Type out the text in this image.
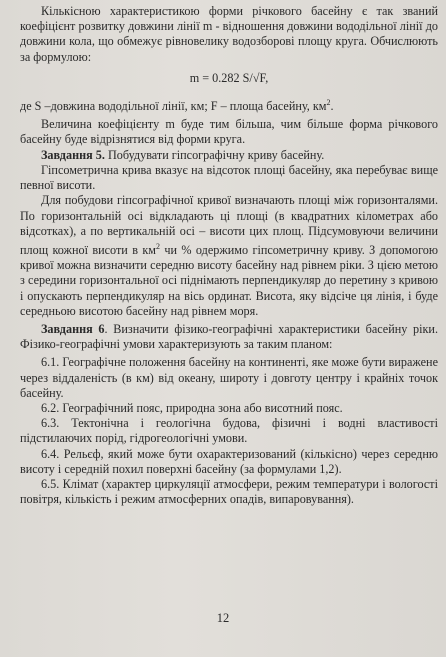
Кількісною характеристикою форми річкового басейну є так званий коефіцієнт розвитку довжини лінії m - відношення довжини вододільної лінії до довжини кола, що обмежує рівновелику водозборові площу круга. Обчислюють за формулою:

m = 0.282 S/√F,

де S –довжина вододільної лінії, км; F – площа басейну, $км^2$.

Величина коефіцієнту m буде тим більша, чим більше форма річкового басейну буде відрізнятися від форми круга.

Завдання 5. Побудувати гіпсографічну криву басейну.

Гіпсометрична крива вказує на відсоток площі басейну, яка перебуває вище певної висоти.

Для побудови гіпсографічної кривої визначають площі між горизонталями. По горизонтальній осі відкладають ці площі (в квадратних кілометрах або відсотках), а по вертикальній осі – висоти цих площ. Підсумовуючи величини площ кожної висоти в $км^2$ чи % одержимо гіпсометричну криву. З допомогою кривої можна визначити середню висоту басейну над рівнем ріки. З цією метою з середини горизонтальної осі піднімають перпендикуляр до перетину з кривою і опускають перпендикуляр на вісь ординат. Висота, яку відсіче ця лінія, і буде середньою висотою басейну над рівнем моря.

Завдання 6. Визначити фізико-географічні характеристики басейну ріки. Фізико-географічні умови характеризують за таким планом:

6.1. Географічне положення басейну на континенті, яке може бути виражене через віддаленість (в км) від океану, широту і довготу центру і крайніх точок басейну.

6.2. Географічний пояс, природна зона або висотний пояс.

6.3. Тектонічна і геологічна будова, фізичні і водні властивості підстилаючих порід, гідрогеологічні умови.

6.4. Рельєф, який може бути охарактеризований (кількісно) через середню висоту і середній похил поверхні басейну (за формулами 1,2).

6.5. Клімат (характер циркуляції атмосфери, режим температури і вологості повітря, кількість і режим атмосферних опадів, випаровування).

12
